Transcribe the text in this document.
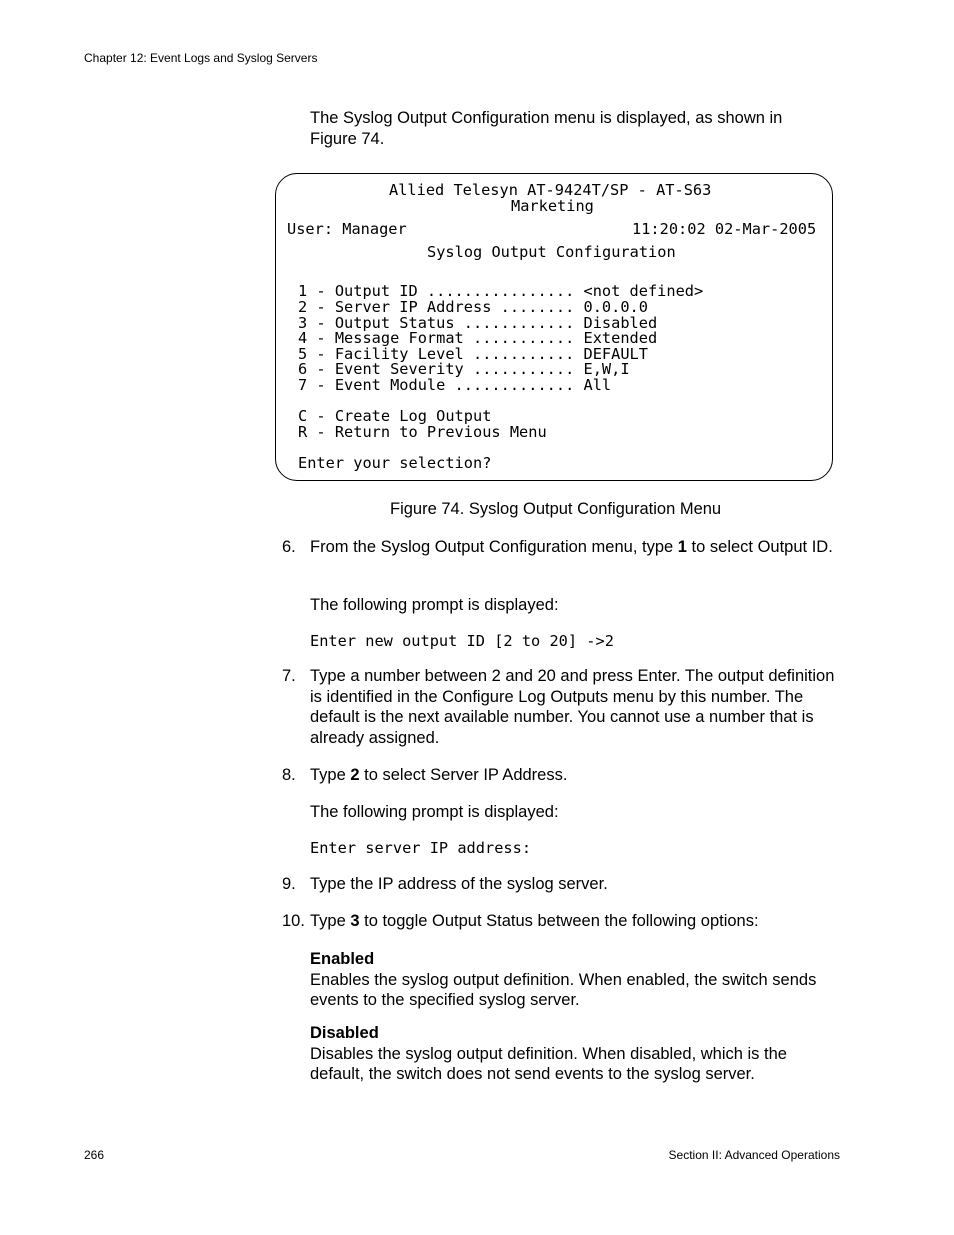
Chapter 12: Event Logs and Syslog Servers
The Syslog Output Configuration menu is displayed, as shown in Figure 74.
Allied Telesyn AT-9424T/SP - AT-S63
Marketing
User: Manager	11:20:02 02-Mar-2005
Syslog Output Configuration
1 - Output ID ................ <not defined>
2 - Server IP Address ........ 0.0.0.0
3 - Output Status ............ Disabled
4 - Message Format ........... Extended
5 - Facility Level ........... DEFAULT
6 - Event Severity ........... E,W,I
7 - Event Module ............. All
C - Create Log Output
R - Return to Previous Menu
Enter your selection?
Figure 74. Syslog Output Configuration Menu
6. From the Syslog Output Configuration menu, type 1 to select Output ID.
The following prompt is displayed:
Enter new output ID [2 to 20] ->2
7. Type a number between 2 and 20 and press Enter. The output definition is identified in the Configure Log Outputs menu by this number. The default is the next available number. You cannot use a number that is already assigned.
8. Type 2 to select Server IP Address.
The following prompt is displayed:
Enter server IP address:
9. Type the IP address of the syslog server.
10. Type 3 to toggle Output Status between the following options:
Enabled
Enables the syslog output definition. When enabled, the switch sends events to the specified syslog server.
Disabled
Disables the syslog output definition. When disabled, which is the default, the switch does not send events to the syslog server.
266	Section II: Advanced Operations
